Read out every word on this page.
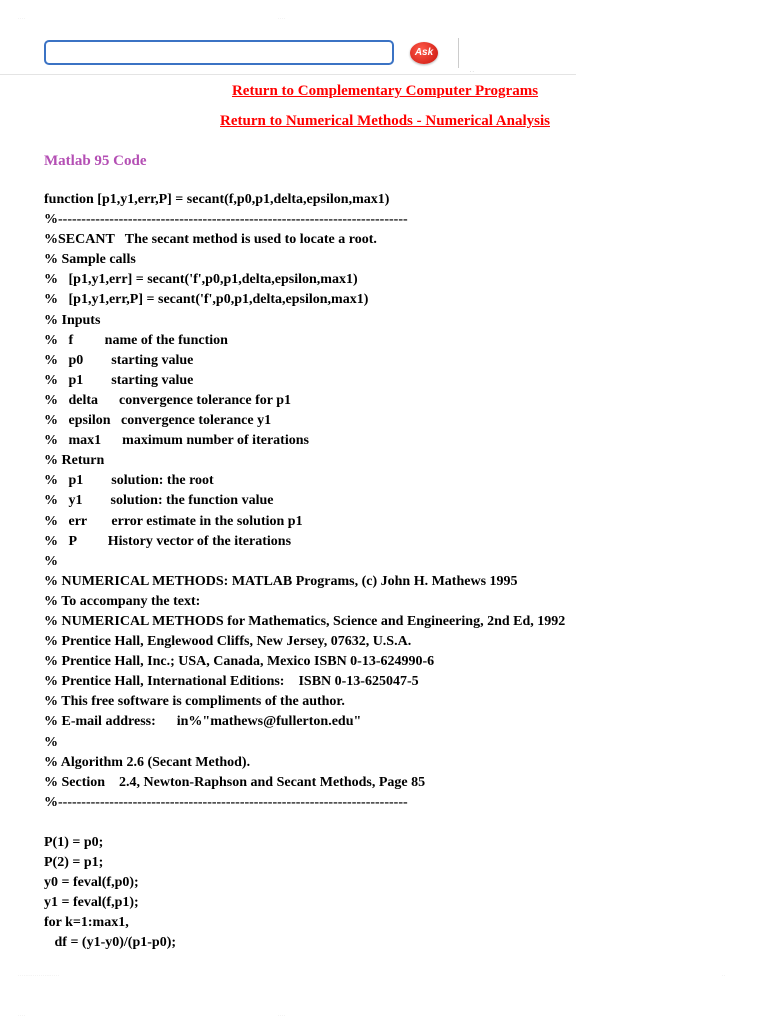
· · · ·	· · · ·
Ask
· ·
Return to Complementary Computer Programs
Return to Numerical Methods - Numerical Analysis
Matlab 95 Code
function [p1,y1,err,P] = secant(f,p0,p1,delta,epsilon,max1)
%---------------------------------------------------------------------------
%SECANT   The secant method is used to locate a root.
% Sample calls
%   [p1,y1,err] = secant('f',p0,p1,delta,epsilon,max1)
%   [p1,y1,err,P] = secant('f',p0,p1,delta,epsilon,max1)
% Inputs
%   f         name of the function
%   p0        starting value
%   p1        starting value
%   delta      convergence tolerance for p1
%   epsilon   convergence tolerance y1
%   max1      maximum number of iterations
% Return
%   p1        solution: the root
%   y1        solution: the function value
%   err       error estimate in the solution p1
%   P         History vector of the iterations
%
% NUMERICAL METHODS: MATLAB Programs, (c) John H. Mathews 1995
% To accompany the text:
% NUMERICAL METHODS for Mathematics, Science and Engineering, 2nd Ed, 1992
% Prentice Hall, Englewood Cliffs, New Jersey, 07632, U.S.A.
% Prentice Hall, Inc.; USA, Canada, Mexico ISBN 0-13-624990-6
% Prentice Hall, International Editions:    ISBN 0-13-625047-5
% This free software is compliments of the author.
% E-mail address:      in%"mathews@fullerton.edu"
%
% Algorithm 2.6 (Secant Method).
% Section    2.4, Newton-Raphson and Secant Methods, Page 85
%---------------------------------------------------------------------------
P(1) = p0;
P(2) = p1;
y0 = feval(f,p0);
y1 = feval(f,p1);
for k=1:max1,
df = (y1-y0)/(p1-p0);
· · · · · · · · · · · · · · · · · · · · · ·	· ·
· · · ·	· · · ·
